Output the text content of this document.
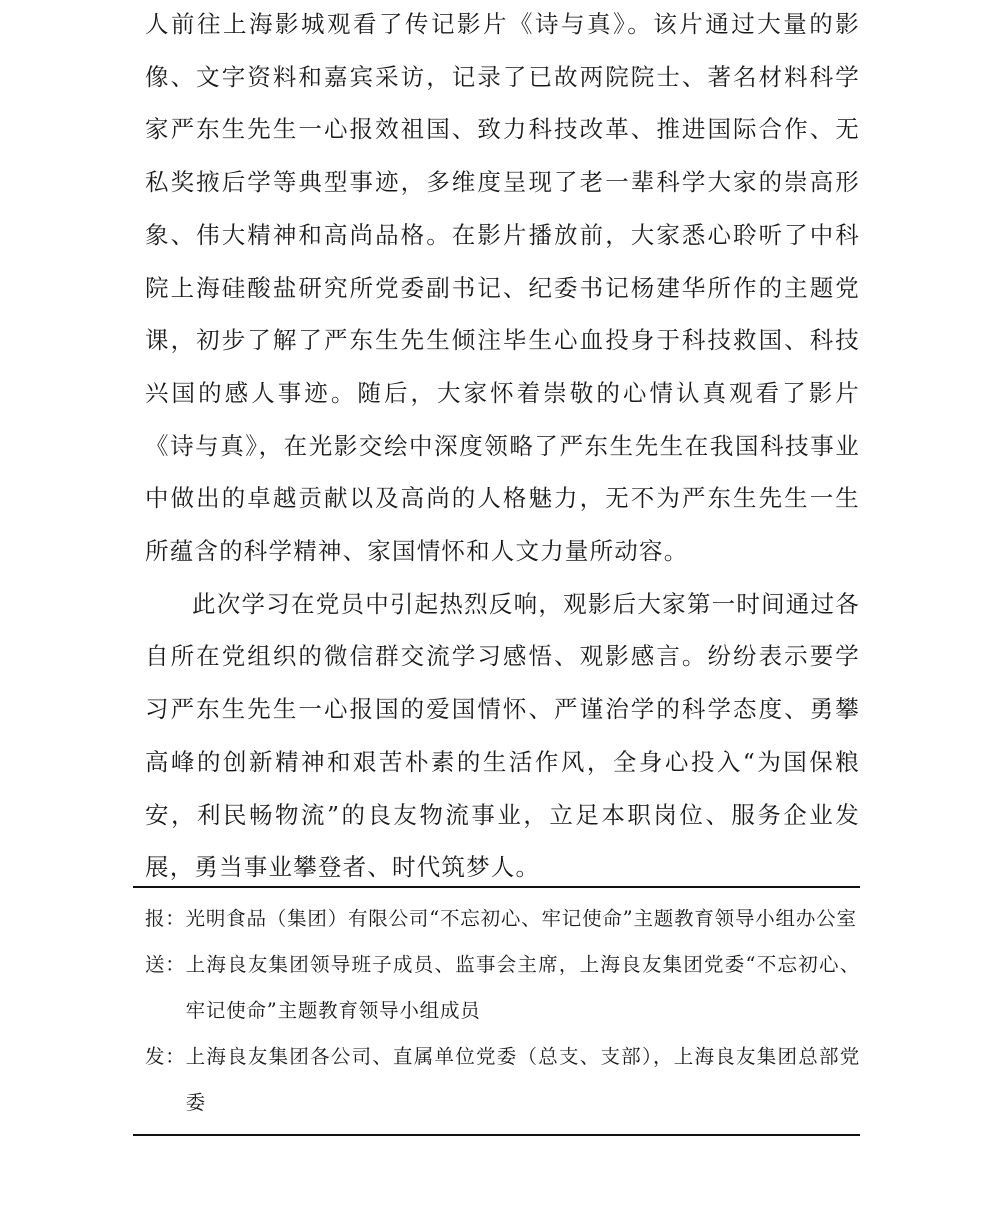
人前往上海影城观看了传记影片《诗与真》。该片通过大量的影像、文字资料和嘉宾采访，记录了已故两院院士、著名材料科学家严东生先生一心报效祖国、致力科技改革、推进国际合作、无私奖掖后学等典型事迹，多维度呈现了老一辈科学大家的崇高形象、伟大精神和高尚品格。在影片播放前，大家悉心聆听了中科院上海硅酸盐研究所党委副书记、纪委书记杨建华所作的主题党课，初步了解了严东生先生倾注毕生心血投身于科技救国、科技兴国的感人事迹。随后，大家怀着崇敬的心情认真观看了影片《诗与真》，在光影交绘中深度领略了严东生先生在我国科技事业中做出的卓越贡献以及高尚的人格魅力，无不为严东生先生一生所蕴含的科学精神、家国情怀和人文力量所动容。

此次学习在党员中引起热烈反响，观影后大家第一时间通过各自所在党组织的微信群交流学习感悟、观影感言。纷纷表示要学习严东生先生一心报国的爱国情怀、严谨治学的科学态度、勇攀高峰的创新精神和艰苦朴素的生活作风，全身心投入“为国保粮安，利民畅物流”的良友物流事业，立足本职岗位、服务企业发展，勇当事业攀登者、时代筑梦人。

报： 光明食品（集团）有限公司“不忘初心、牢记使命”主题教育领导小组办公室
送： 上海良友集团领导班子成员、监事会主席，上海良友集团党委“不忘初心、牢记使命”主题教育领导小组成员
发： 上海良友集团各公司、直属单位党委（总支、支部），上海良友集团总部党委
